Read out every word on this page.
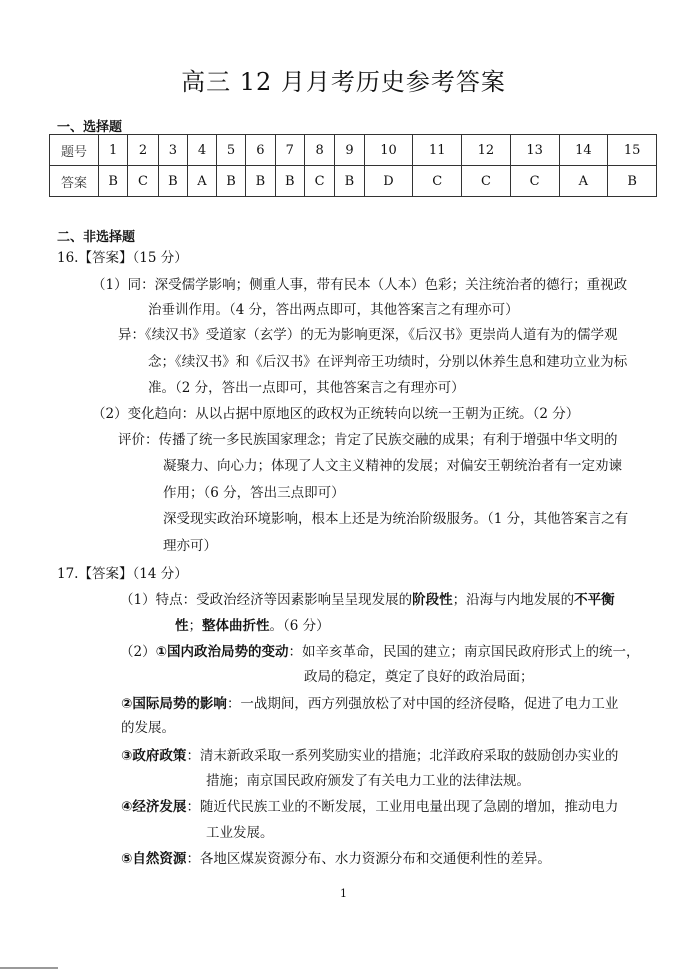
高三 12 月月考历史参考答案
一、选择题
题号	1	2	3	4	5	6	7	8	9	10	11	12	13	14	15
答案	B	C	B	A	B	B	B	C	B	D	C	C	C	A	B
二、非选择题
16.【答案】（15 分）
（1）同：深受儒学影响；侧重人事，带有民本（人本）色彩；关注统治者的德行；重视政
治垂训作用。（4 分，答出两点即可，其他答案言之有理亦可）
异：《续汉书》受道家（玄学）的无为影响更深，《后汉书》更崇尚人道有为的儒学观
念；《续汉书》和《后汉书》在评判帝王功绩时，分别以休养生息和建功立业为标
准。（2 分，答出一点即可，其他答案言之有理亦可）
（2）变化趋向：从以占据中原地区的政权为正统转向以统一王朝为正统。（2 分）
评价：传播了统一多民族国家理念；肯定了民族交融的成果；有利于增强中华文明的
凝聚力、向心力；体现了人文主义精神的发展；对偏安王朝统治者有一定劝谏
作用；（6 分，答出三点即可）
深受现实政治环境影响，根本上还是为统治阶级服务。（1 分，其他答案言之有
理亦可）
17.【答案】（14 分）
（1）特点：受政治经济等因素影响呈呈现发展的阶段性；沿海与内地发展的不平衡
性；整体曲折性。（6 分）
（2）①国内政治局势的变动：如辛亥革命，民国的建立；南京国民政府形式上的统一，
政局的稳定，奠定了良好的政治局面；
②国际局势的影响：一战期间，西方列强放松了对中国的经济侵略，促进了电力工业
的发展。
③政府政策：清末新政采取一系列奖励实业的措施；北洋政府采取的鼓励创办实业的
措施；南京国民政府颁发了有关电力工业的法律法规。
④经济发展：随近代民族工业的不断发展，工业用电量出现了急剧的增加，推动电力
工业发展。
⑤自然资源：各地区煤炭资源分布、水力资源分布和交通便利性的差异。
1
